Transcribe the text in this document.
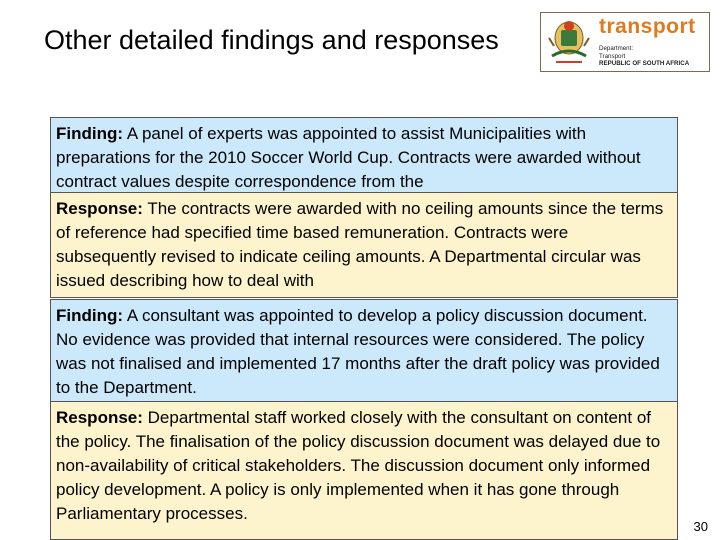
Other detailed findings and responses	transport
Department:
Transport
REPUBLIC OF SOUTH AFRICA
Finding: A panel of experts was appointed to assist Municipalities with preparations for the 2010 Soccer World Cup. Contracts were awarded without contract values despite correspondence from the
Response: The contracts were awarded with no ceiling amounts since the terms of reference had specified time based remuneration. Contracts were subsequently revised to indicate ceiling amounts. A Departmental circular was issued describing how to deal with
Finding: A consultant was appointed to develop a policy discussion document. No evidence was provided that internal resources were considered. The policy was not finalised and implemented 17 months after the draft policy was provided to the Department.
Response: Departmental staff worked closely with the consultant on content of the policy. The finalisation of the policy discussion document was delayed due to non-availability of critical stakeholders. The discussion document only informed policy development. A policy is only implemented when it has gone through Parliamentary processes.
30
